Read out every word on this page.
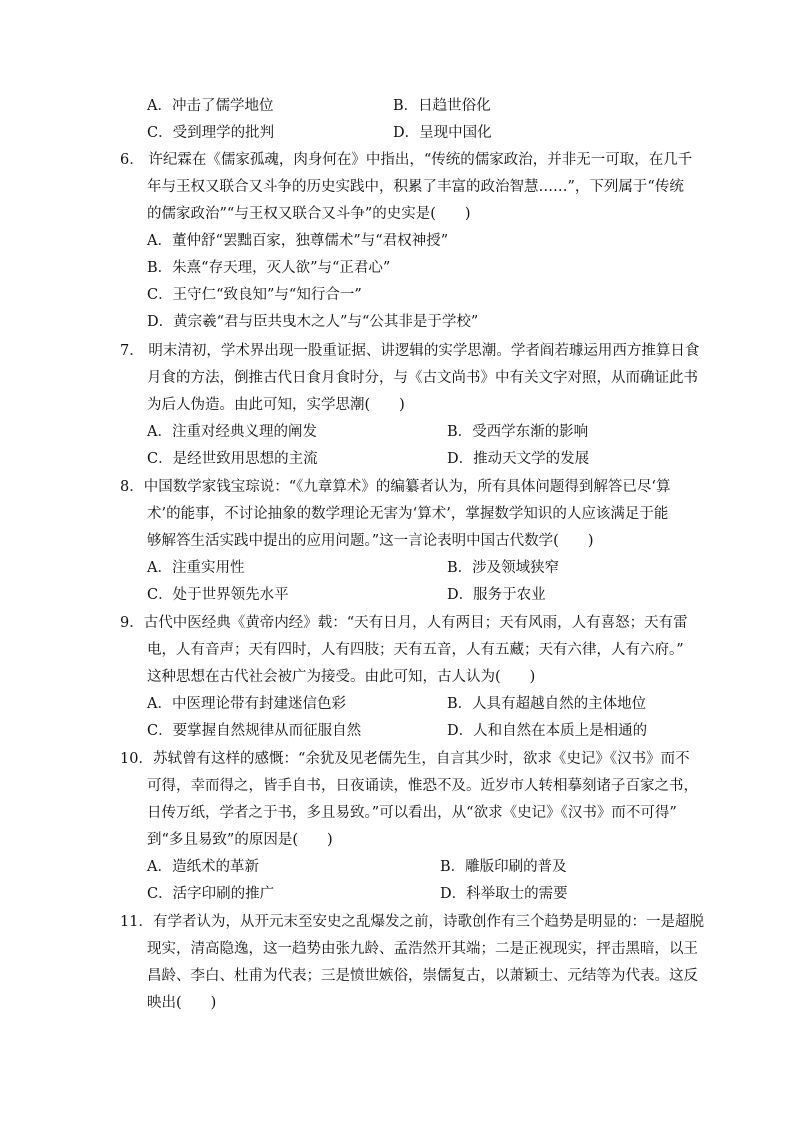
A．冲击了儒学地位	B．日趋世俗化
C．受到理学的批判	D．呈现中国化
6． 许纪霖在《儒家孤魂，肉身何在》中指出，“传统的儒家政治，并非无一可取，在几千
年与王权又联合又斗争的历史实践中，积累了丰富的政治智慧……”，下列属于“传统
的儒家政治”“与王权又联合又斗争”的史实是(　　)
A．董仲舒“罢黜百家，独尊儒术”与“君权神授”
B．朱熹“存天理，灭人欲”与“正君心”
C．王守仁“致良知”与“知行合一”
D．黄宗羲“君与臣共曳木之人”与“公其非是于学校”
7． 明末清初，学术界出现一股重证据、讲逻辑的实学思潮。学者阎若璩运用西方推算日食
月食的方法，倒推古代日食月食时分，与《古文尚书》中有关文字对照，从而确证此书
为后人伪造。由此可知，实学思潮(　　)
A．注重对经典义理的阐发	B．受西学东渐的影响
C．是经世致用思想的主流	D．推动天文学的发展
8．中国数学家钱宝琮说：“《九章算术》的编纂者认为，所有具体问题得到解答已尽‘算
术’的能事，不讨论抽象的数学理论无害为‘算术’，掌握数学知识的人应该满足于能
够解答生活实践中提出的应用问题。”这一言论表明中国古代数学(　　)
A．注重实用性	B．涉及领域狭窄
C．处于世界领先水平	D．服务于农业
9．古代中医经典《黄帝内经》载：“天有日月，人有两目；天有风雨，人有喜怒；天有雷
电，人有音声；天有四时，人有四肢；天有五音，人有五藏；天有六律，人有六府。”
这种思想在古代社会被广为接受。由此可知，古人认为(　　)
A．中医理论带有封建迷信色彩	B．人具有超越自然的主体地位
C．要掌握自然规律从而征服自然	D．人和自然在本质上是相通的
10．苏轼曾有这样的感慨：“余犹及见老儒先生，自言其少时，欲求《史记》《汉书》而不
可得，幸而得之，皆手自书，日夜诵读，惟恐不及。近岁市人转相摹刻诸子百家之书，
日传万纸，学者之于书，多且易致。”可以看出，从“欲求《史记》《汉书》而不可得”
到“多且易致”的原因是(　　)
A．造纸术的革新	B．雕版印刷的普及
C．活字印刷的推广	D．科举取士的需要
11．有学者认为，从开元末至安史之乱爆发之前，诗歌创作有三个趋势是明显的：一是超脱
现实，清高隐逸，这一趋势由张九龄、孟浩然开其端；二是正视现实，抨击黑暗，以王
昌龄、李白、杜甫为代表；三是愤世嫉俗，崇儒复古，以萧颖士、元结等为代表。这反
映出(　　)
